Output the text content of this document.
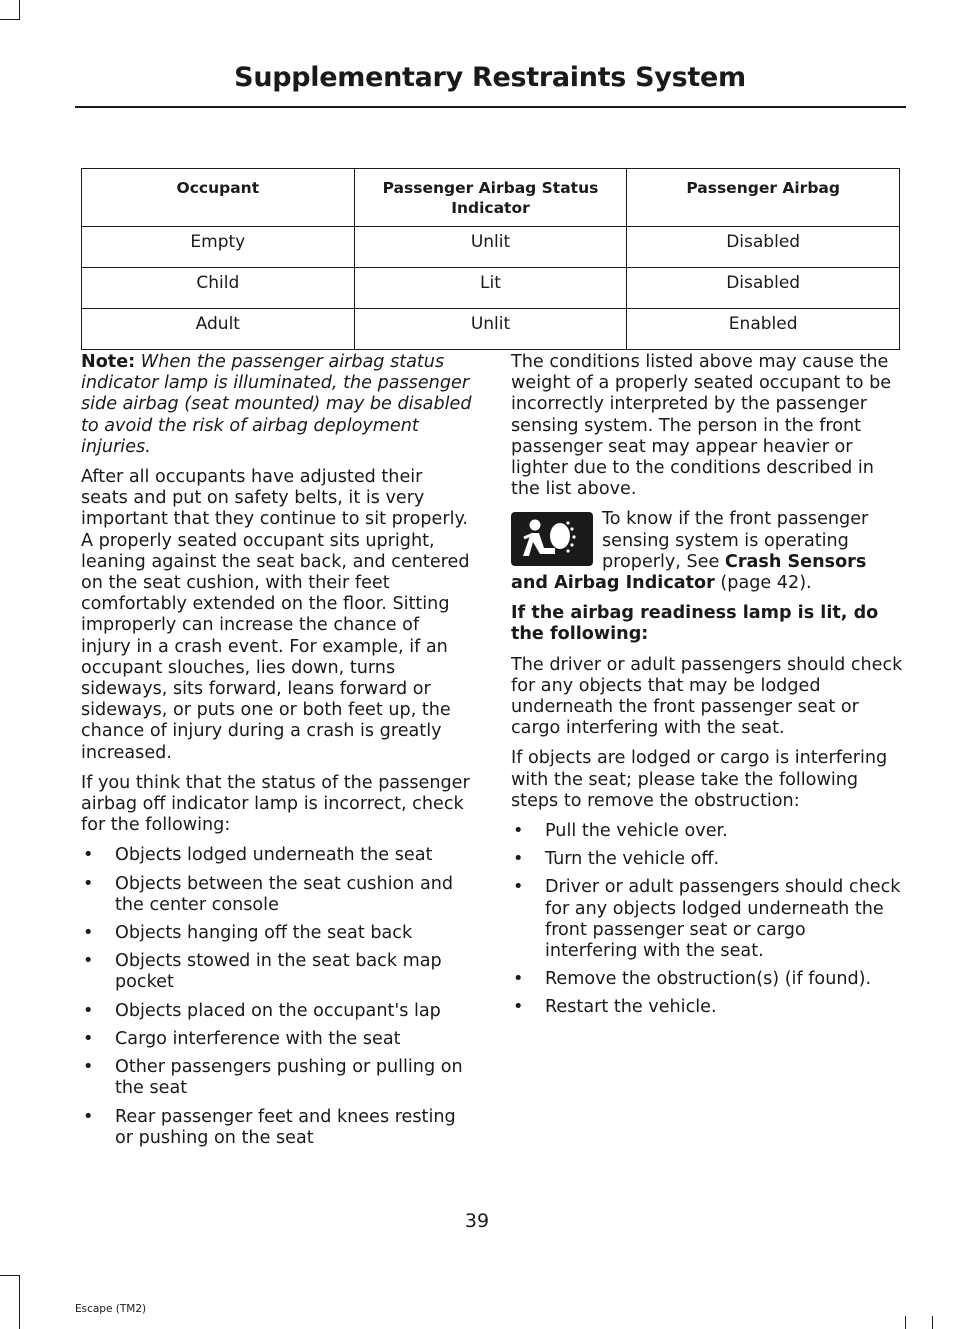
Supplementary Restraints System
Occupant	Passenger Airbag Status Indicator	Passenger Airbag
Empty	Unlit	Disabled
Child	Lit	Disabled
Adult	Unlit	Enabled

Note: When the passenger airbag status indicator lamp is illuminated, the passenger side airbag (seat mounted) may be disabled to avoid the risk of airbag deployment injuries.

After all occupants have adjusted their seats and put on safety belts, it is very important that they continue to sit properly. A properly seated occupant sits upright, leaning against the seat back, and centered on the seat cushion, with their feet comfortably extended on the floor. Sitting improperly can increase the chance of injury in a crash event. For example, if an occupant slouches, lies down, turns sideways, sits forward, leans forward or sideways, or puts one or both feet up, the chance of injury during a crash is greatly increased.

If you think that the status of the passenger airbag off indicator lamp is incorrect, check for the following:

• Objects lodged underneath the seat
• Objects between the seat cushion and the center console
• Objects hanging off the seat back
• Objects stowed in the seat back map pocket
• Objects placed on the occupant's lap
• Cargo interference with the seat
• Other passengers pushing or pulling on the seat
• Rear passenger feet and knees resting or pushing on the seat

The conditions listed above may cause the weight of a properly seated occupant to be incorrectly interpreted by the passenger sensing system. The person in the front passenger seat may appear heavier or lighter due to the conditions described in the list above.

To know if the front passenger sensing system is operating properly, See Crash Sensors and Airbag Indicator (page 42).

If the airbag readiness lamp is lit, do the following:

The driver or adult passengers should check for any objects that may be lodged underneath the front passenger seat or cargo interfering with the seat.

If objects are lodged or cargo is interfering with the seat; please take the following steps to remove the obstruction:

• Pull the vehicle over.
• Turn the vehicle off.
• Driver or adult passengers should check for any objects lodged underneath the front passenger seat or cargo interfering with the seat.
• Remove the obstruction(s) (if found).
• Restart the vehicle.
39
Escape (TM2)
